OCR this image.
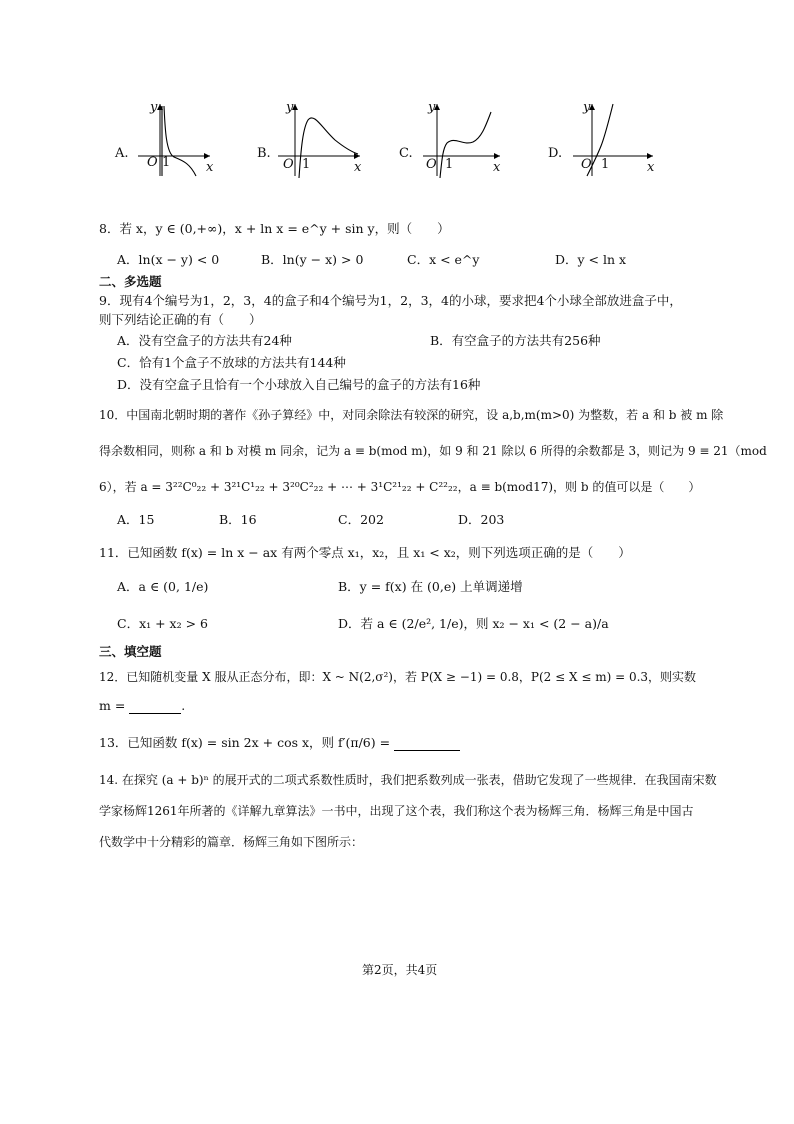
A.
y
O 1	x
B.
y
O 1	x
C.
y
O 1	x
D.
y
O 1	x
8．若 x，y ∈ (0,+∞)，x + ln x = e^y + sin y，则（　　）
A．ln(x − y) < 0	B．ln(y − x) > 0	C．x < e^y	D．y < ln x
二、多选题
9．现有4个编号为1，2，3，4的盒子和4个编号为1，2，3，4的小球，要求把4个小球全部放进盒子中，
则下列结论正确的有（　　）
A．没有空盒子的方法共有24种	B．有空盒子的方法共有256种
C．恰有1个盒子不放球的方法共有144种
D．没有空盒子且恰有一个小球放入自己编号的盒子的方法有16种
10．中国南北朝时期的著作《孙子算经》中，对同余除法有较深的研究，设 a,b,m(m>0) 为整数，若 a 和 b 被 m 除
得余数相同，则称 a 和 b 对模 m 同余，记为 a ≡ b(mod m)，如 9 和 21 除以 6 所得的余数都是 3，则记为 9 ≡ 21（mod
6），若 a = 3²²C⁰₂₂ + 3²¹C¹₂₂ + 3²⁰C²₂₂ + ⋯ + 3¹C²¹₂₂ + C²²₂₂，a ≡ b(mod17)，则 b 的值可以是（　　）
A．15	B．16	C．202	D．203
11．已知函数 f(x) = ln x − ax 有两个零点 x₁，x₂，且 x₁ < x₂，则下列选项正确的是（　　）
A．a ∈ (0, 1/e)	B．y = f(x) 在 (0,e) 上单调递增
C．x₁ + x₂ > 6	D．若 a ∈ (2/e², 1/e)，则 x₂ − x₁ < (2 − a)/a
三、填空题
12．已知随机变量 X 服从正态分布，即：X ~ N(2,σ²)，若 P(X ≥ −1) = 0.8，P(2 ≤ X ≤ m) = 0.3，则实数
m =	.
13．已知函数 f(x) = sin 2x + cos x，则 f′(π/6) =
14. 在探究 (a + b)ⁿ 的展开式的二项式系数性质时，我们把系数列成一张表，借助它发现了一些规律．在我国南宋数
学家杨辉1261年所著的《详解九章算法》一书中，出现了这个表，我们称这个表为杨辉三角．杨辉三角是中国古
代数学中十分精彩的篇章．杨辉三角如下图所示：
第2页，共4页
